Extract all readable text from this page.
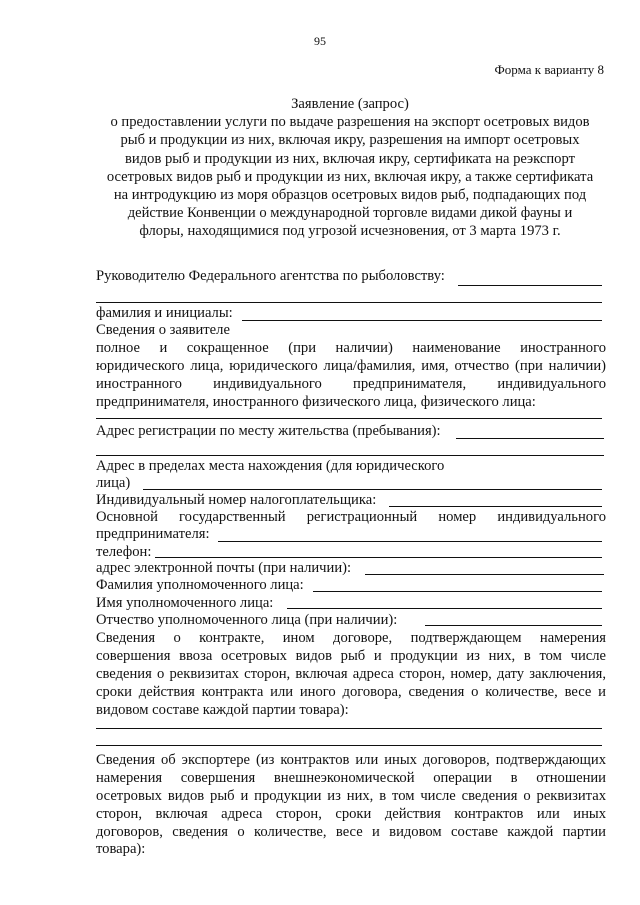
95
Форма к варианту 8
Заявление (запрос)
о предоставлении услуги по выдаче разрешения на экспорт осетровых видов
рыб и продукции из них, включая икру, разрешения на импорт осетровых
видов рыб и продукции из них, включая икру, сертификата на реэкспорт
осетровых видов рыб и продукции из них, включая икру, а также сертификата
на интродукцию из моря образцов осетровых видов рыб, подпадающих под
действие Конвенции о международной торговле видами дикой фауны и
флоры, находящимися под угрозой исчезновения, от 3 марта 1973 г.
Руководителю Федерального агентства по рыболовству:
фамилия и инициалы:
Сведения о заявителе
полное и сокращенное (при наличии) наименование иностранного
юридического лица, юридического лица/фамилия, имя, отчество (при наличии)
иностранного индивидуального предпринимателя, индивидуального
предпринимателя, иностранного физического лица, физического лица:
Адрес регистрации по месту жительства (пребывания):
Адрес в пределах места нахождения (для юридического
лица)
Индивидуальный номер налогоплательщика:
Основной государственный регистрационный номер индивидуального
предпринимателя:
телефон:
адрес электронной почты (при наличии):
Фамилия уполномоченного лица:
Имя уполномоченного лица:
Отчество уполномоченного лица (при наличии):
Сведения о контракте, ином договоре, подтверждающем намерения
совершения ввоза осетровых видов рыб и продукции из них, в том числе
сведения о реквизитах сторон, включая адреса сторон, номер, дату заключения,
сроки действия контракта или иного договора, сведения о количестве, весе и
видовом составе каждой партии товара):
Сведения об экспортере (из контрактов или иных договоров, подтверждающих
намерения совершения внешнеэкономической операции в отношении
осетровых видов рыб и продукции из них, в том числе сведения о реквизитах
сторон, включая адреса сторон, сроки действия контрактов или иных
договоров, сведения о количестве, весе и видовом составе каждой партии
товара):
